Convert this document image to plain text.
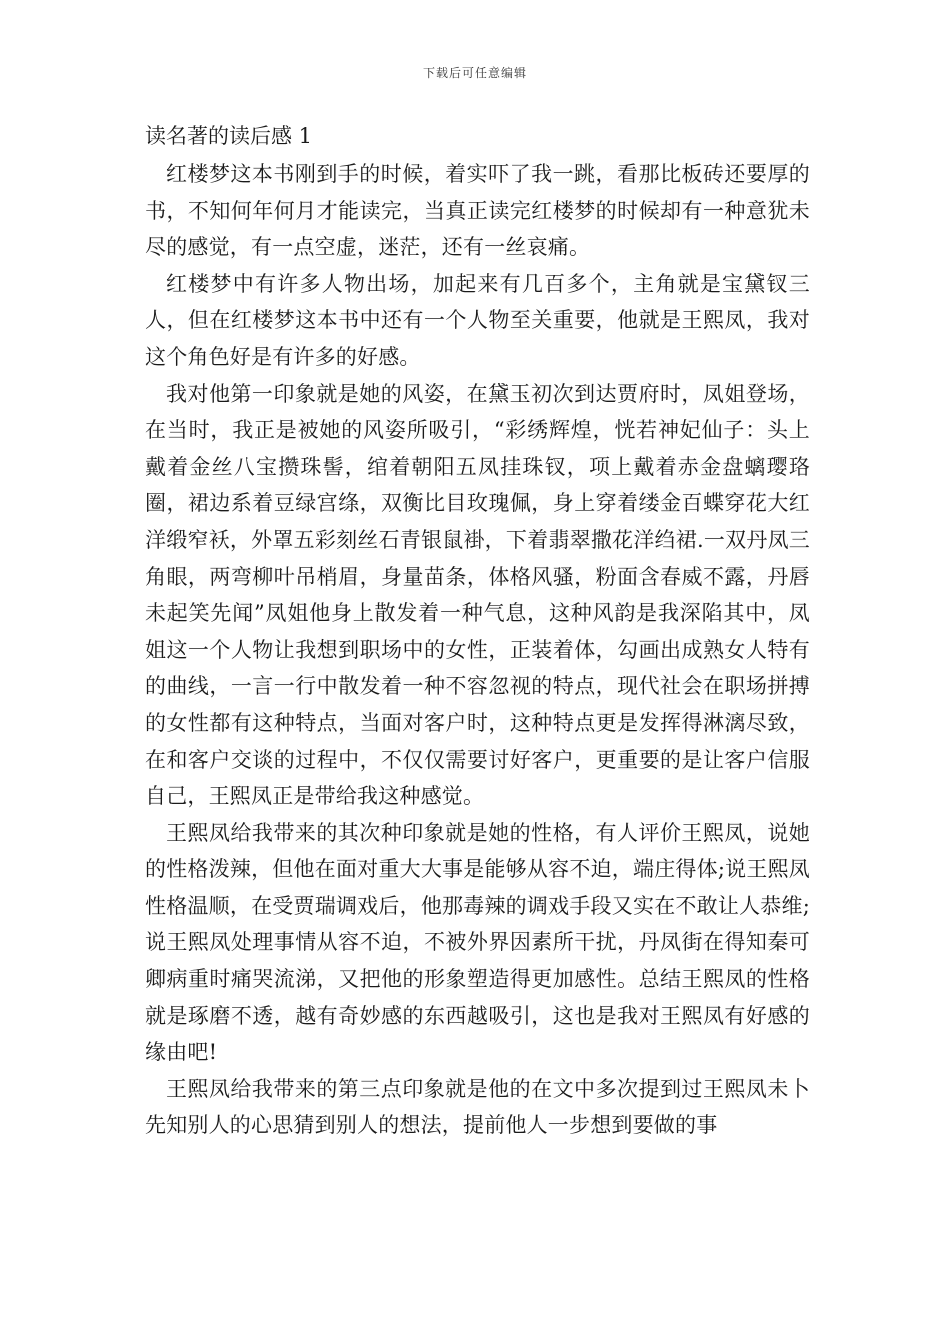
下载后可任意编辑
读名著的读后感 1

红楼梦这本书刚到手的时候，着实吓了我一跳，看那比板砖还要厚的书，不知何年何月才能读完，当真正读完红楼梦的时候却有一种意犹未尽的感觉，有一点空虚，迷茫，还有一丝哀痛。

红楼梦中有许多人物出场，加起来有几百多个，主角就是宝黛钗三人，但在红楼梦这本书中还有一个人物至关重要，他就是王熙凤，我对这个角色好是有许多的好感。

我对他第一印象就是她的风姿，在黛玉初次到达贾府时，凤姐登场，在当时，我正是被她的风姿所吸引，“彩绣辉煌，恍若神妃仙子：头上戴着金丝八宝攒珠髻，绾着朝阳五凤挂珠钗，项上戴着赤金盘螭璎珞圈，裙边系着豆绿宫绦，双衡比目玫瑰佩，身上穿着缕金百蝶穿花大红洋缎窄袄，外罩五彩刻丝石青银鼠褂，下着翡翠撒花洋绉裙.一双丹凤三角眼，两弯柳叶吊梢眉，身量苗条，体格风骚，粉面含春威不露，丹唇未起笑先闻”凤姐他身上散发着一种气息，这种风韵是我深陷其中，凤姐这一个人物让我想到职场中的女性，正装着体，勾画出成熟女人特有的曲线，一言一行中散发着一种不容忽视的特点，现代社会在职场拼搏的女性都有这种特点，当面对客户时，这种特点更是发挥得淋漓尽致，在和客户交谈的过程中，不仅仅需要讨好客户，更重要的是让客户信服自己，王熙凤正是带给我这种感觉。

王熙凤给我带来的其次种印象就是她的性格，有人评价王熙凤，说她的性格泼辣，但他在面对重大大事是能够从容不迫，端庄得体;说王熙凤性格温顺，在受贾瑞调戏后，他那毒辣的调戏手段又实在不敢让人恭维;说王熙凤处理事情从容不迫，不被外界因素所干扰，丹凤街在得知秦可卿病重时痛哭流涕，又把他的形象塑造得更加感性。总结王熙凤的性格就是琢磨不透，越有奇妙感的东西越吸引，这也是我对王熙凤有好感的缘由吧!

王熙凤给我带来的第三点印象就是他的在文中多次提到过王熙凤未卜先知别人的心思猜到别人的想法，提前他人一步想到要做的事
